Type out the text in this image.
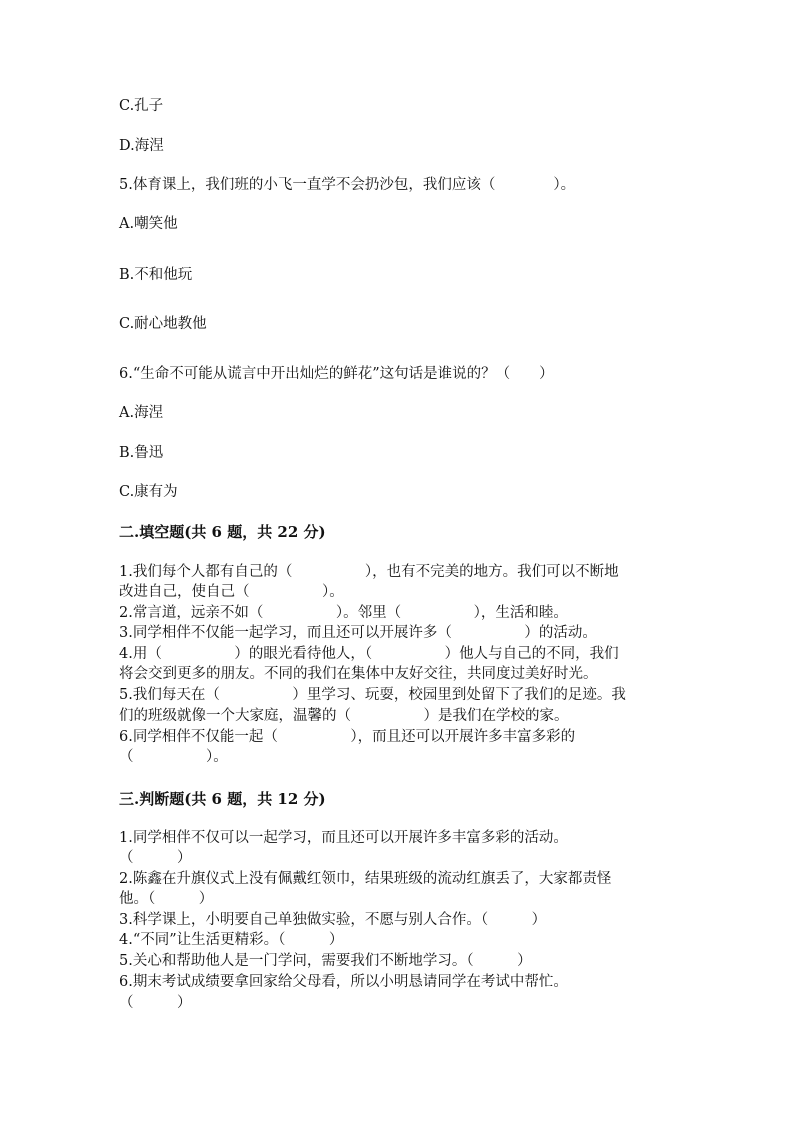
C.孔子
D.海涅
5.体育课上，我们班的小飞一直学不会扔沙包，我们应该（　　　　）。
A.嘲笑他
B.不和他玩
C.耐心地教他
6.“生命不可能从谎言中开出灿烂的鲜花”这句话是谁说的？（　　）
A.海涅
B.鲁迅
C.康有为
二.填空题(共 6 题，共 22 分)
1.我们每个人都有自己的（　　　　　），也有不完美的地方。我们可以不断地
改进自己，使自己（　　　　　）。
2.常言道，远亲不如（　　　　　）。邻里（　　　　　），生活和睦。
3.同学相伴不仅能一起学习，而且还可以开展许多（　　　　　）的活动。
4.用（　　　　　）的眼光看待他人，（　　　　　）他人与自己的不同，我们
将会交到更多的朋友。不同的我们在集体中友好交往，共同度过美好时光。
5.我们每天在（　　　　　）里学习、玩耍，校园里到处留下了我们的足迹。我
们的班级就像一个大家庭，温馨的（　　　　　）是我们在学校的家。
6.同学相伴不仅能一起（　　　　　），而且还可以开展许多丰富多彩的
（　　　　　）。
三.判断题(共 6 题，共 12 分)
1.同学相伴不仅可以一起学习，而且还可以开展许多丰富多彩的活动。
（　　　）
2.陈鑫在升旗仪式上没有佩戴红领巾，结果班级的流动红旗丢了，大家都责怪
他。（　　　）
3.科学课上，小明要自己单独做实验，不愿与别人合作。（　　　）
4.“不同”让生活更精彩。（　　　）
5.关心和帮助他人是一门学问，需要我们不断地学习。（　　　）
6.期末考试成绩要拿回家给父母看，所以小明恳请同学在考试中帮忙。
（　　　）
